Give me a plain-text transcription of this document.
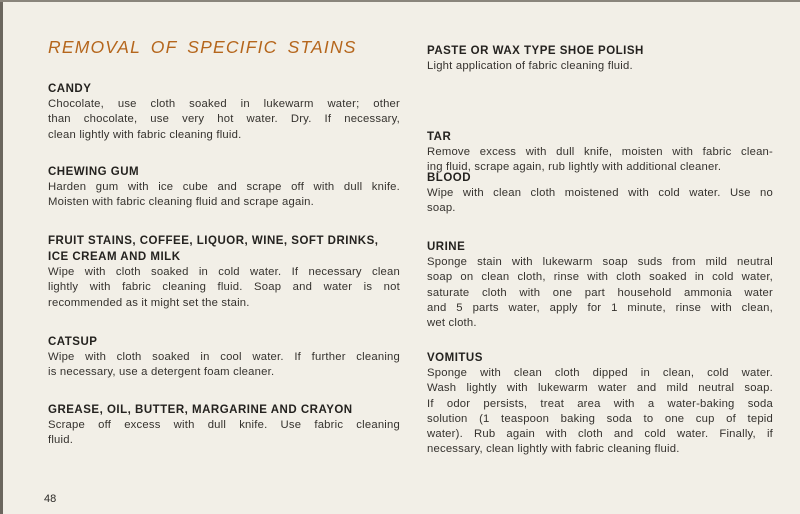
REMOVAL OF SPECIFIC STAINS
CANDY
Chocolate, use cloth soaked in lukewarm water; other
than chocolate, use very hot water. Dry. If necessary,
clean lightly with fabric cleaning fluid.
CHEWING GUM
Harden gum with ice cube and scrape off with dull knife.
Moisten with fabric cleaning fluid and scrape again.
FRUIT STAINS, COFFEE, LIQUOR, WINE, SOFT DRINKS,
ICE CREAM AND MILK
Wipe with cloth soaked in cold water. If necessary clean
lightly with fabric cleaning fluid. Soap and water is not
recommended as it might set the stain.
CATSUP
Wipe with cloth soaked in cool water. If further cleaning
is necessary, use a detergent foam cleaner.
GREASE, OIL, BUTTER, MARGARINE AND CRAYON
Scrape off excess with dull knife. Use fabric cleaning
fluid.
PASTE OR WAX TYPE SHOE POLISH
Light application of fabric cleaning fluid.
TAR
Remove excess with dull knife, moisten with fabric clean-
ing fluid, scrape again, rub lightly with additional cleaner.
BLOOD
Wipe with clean cloth moistened with cold water. Use no
soap.
URINE
Sponge stain with lukewarm soap suds from mild neutral
soap on clean cloth, rinse with cloth soaked in cold water,
saturate cloth with one part household ammonia water
and 5 parts water, apply for 1 minute, rinse with clean,
wet cloth.
VOMITUS
Sponge with clean cloth dipped in clean, cold water.
Wash lightly with lukewarm water and mild neutral soap.
If odor persists, treat area with a water-baking soda
solution (1 teaspoon baking soda to one cup of tepid
water). Rub again with cloth and cold water. Finally, if
necessary, clean lightly with fabric cleaning fluid.
48
